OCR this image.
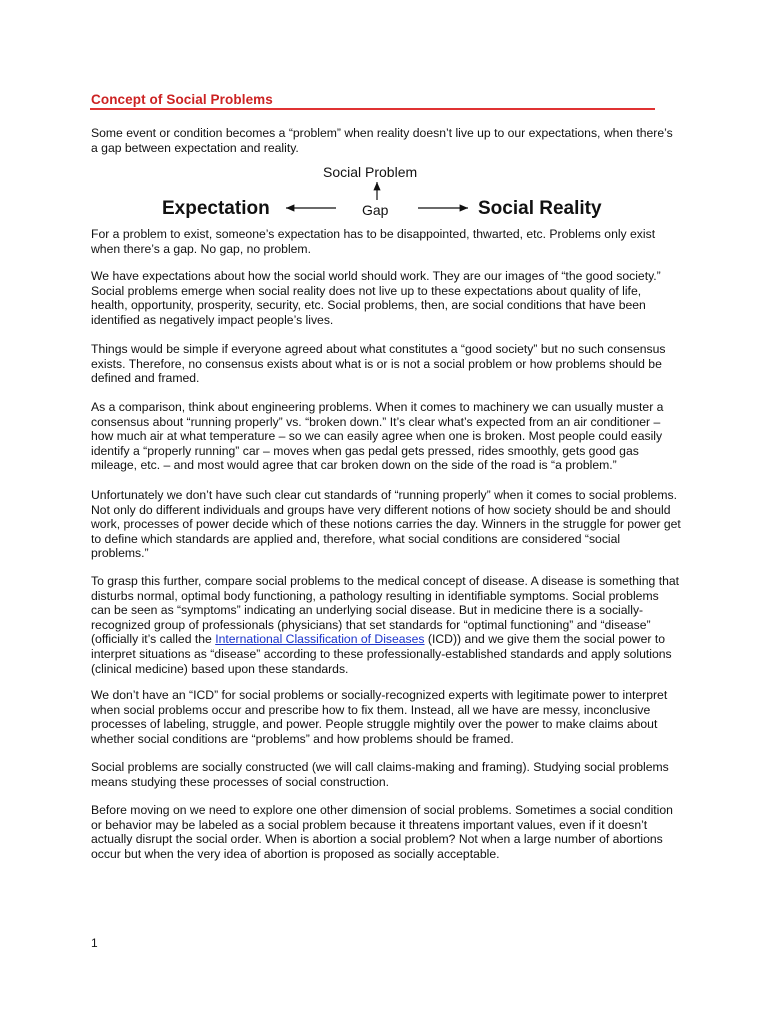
Concept of Social Problems
Some event or condition becomes a “problem” when reality doesn’t live up to our expectations, when there’s a gap between expectation and reality.
Social Problem
Expectation	Gap	Social Reality
For a problem to exist, someone’s expectation has to be disappointed, thwarted, etc. Problems only exist when there’s a gap. No gap, no problem.
We have expectations about how the social world should work. They are our images of “the good society.” Social problems emerge when social reality does not live up to these expectations about quality of life, health, opportunity, prosperity, security, etc. Social problems, then, are social conditions that have been identified as negatively impact people’s lives.
Things would be simple if everyone agreed about what constitutes a “good society” but no such consensus exists. Therefore, no consensus exists about what is or is not a social problem or how problems should be defined and framed.
As a comparison, think about engineering problems. When it comes to machinery we can usually muster a consensus about “running properly” vs. “broken down.” It’s clear what’s expected from an air conditioner – how much air at what temperature – so we can easily agree when one is broken. Most people could easily identify a “properly running” car – moves when gas pedal gets pressed, rides smoothly, gets good gas mileage, etc. – and most would agree that car broken down on the side of the road is “a problem.”
Unfortunately we don’t have such clear cut standards of “running properly” when it comes to social problems. Not only do different individuals and groups have very different notions of how society should be and should work, processes of power decide which of these notions carries the day. Winners in the struggle for power get to define which standards are applied and, therefore, what social conditions are considered “social problems.”
To grasp this further, compare social problems to the medical concept of disease. A disease is something that disturbs normal, optimal body functioning, a pathology resulting in identifiable symptoms. Social problems can be seen as “symptoms” indicating an underlying social disease. But in medicine there is a socially-recognized group of professionals (physicians) that set standards for “optimal functioning” and “disease” (officially it’s called the International Classification of Diseases (ICD)) and we give them the social power to interpret situations as “disease” according to these professionally-established standards and apply solutions (clinical medicine) based upon these standards.
We don’t have an “ICD” for social problems or socially-recognized experts with legitimate power to interpret when social problems occur and prescribe how to fix them. Instead, all we have are messy, inconclusive processes of labeling, struggle, and power. People struggle mightily over the power to make claims about whether social conditions are “problems” and how problems should be framed.
Social problems are socially constructed (we will call claims-making and framing). Studying social problems means studying these processes of social construction.
Before moving on we need to explore one other dimension of social problems. Sometimes a social condition or behavior may be labeled as a social problem because it threatens important values, even if it doesn’t actually disrupt the social order. When is abortion a social problem? Not when a large number of abortions occur but when the very idea of abortion is proposed as socially acceptable.
1
